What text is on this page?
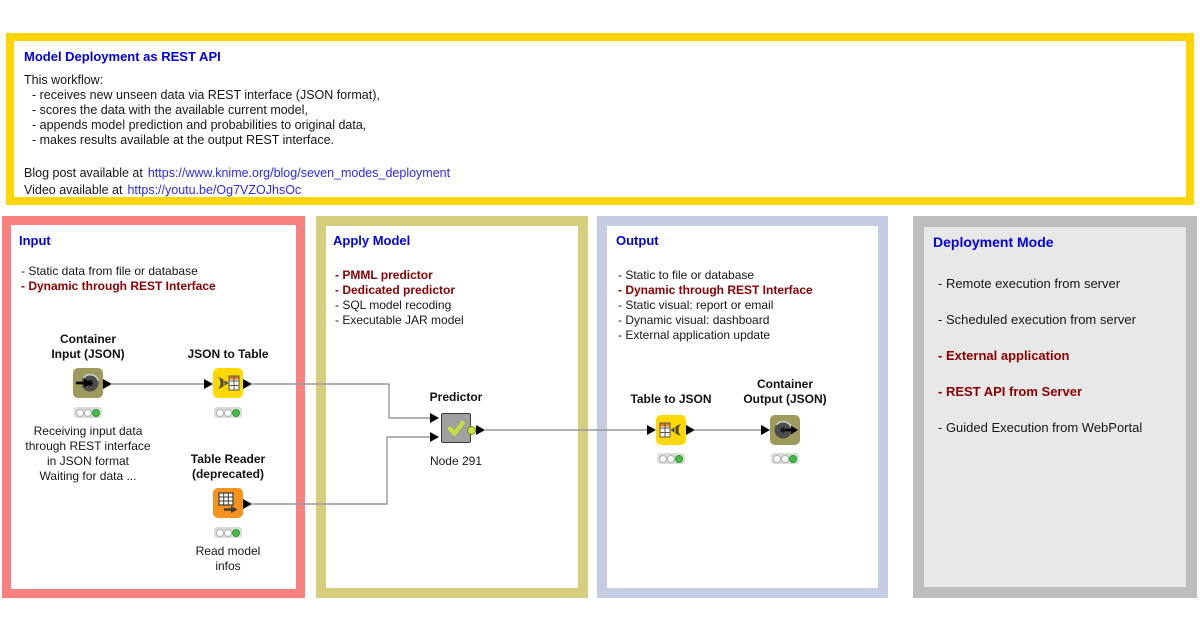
Model Deployment as REST API
This workflow:
- receives new unseen data via REST interface (JSON format),
- scores the data with the available current model,
- appends model prediction and probabilities to original data,
- makes results available at the output REST interface.
Blog post available at https://www.knime.org/blog/seven_modes_deployment
Video available at https://youtu.be/Og7VZOJhsOc
Input
- Static data from file or database
- Dynamic through REST Interface
Apply Model
- PMML predictor
- Dedicated predictor
- SQL model recoding
- Executable JAR model
Output
- Static to file or database
- Dynamic through REST Interface
- Static visual: report or email
- Dynamic visual: dashboard
- External application update
Deployment Mode
- Remote execution from server
- Scheduled execution from server
- External application
- REST API from Server
- Guided Execution from WebPortal
Container
Input (JSON)
Receiving input data
through REST interface
in JSON format
Waiting for data ...
JSON to Table
Table Reader
(deprecated)
Read model
infos
Predictor
Node 291
Table to JSON
Container
Output (JSON)
